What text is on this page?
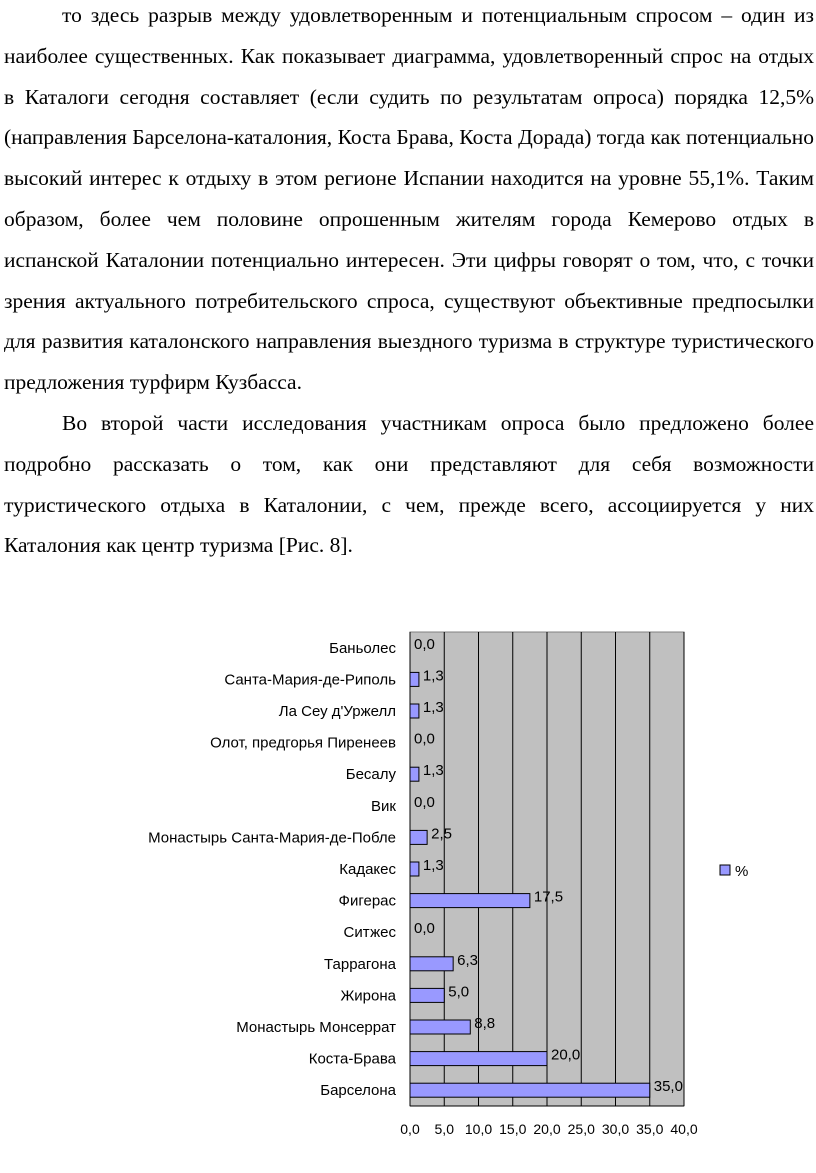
то здесь разрыв между удовлетворенным и потенциальным спросом – один из наиболее существенных. Как показывает диаграмма, удовлетворенный спрос на отдых в Каталоги сегодня составляет (если судить по результатам опроса) порядка 12,5%(направления Барселона-каталония, Коста Брава, Коста Дорада) тогда как потенциально высокий интерес к отдыху в этом регионе Испании находится на уровне 55,1%. Таким образом, более чем половине опрошенным жителям города Кемерово отдых в испанской Каталонии потенциально интересен. Эти цифры говорят о том, что, с точки зрения актуального потребительского спроса, существуют объективные предпосылки для развития каталонского направления выездного туризма в структуре туристического предложения турфирм Кузбасса.

Во второй части исследования участникам опроса было предложено более подробно рассказать о том, как они представляют для себя возможности туристического отдыха в Каталонии, с чем, прежде всего, ассоциируется у них Каталония как центр туризма [Рис. 8].

Баньолес
Санта-Мария-де-Риполь
Ла Сеу д'Уржелл
Олот, предгорья Пиренеев
Бесалу
Вик
Монастырь Санта-Мария-де-Побле
Кадакес
Фигерас
Ситжес
Таррагона
Жирона
Монастырь Монсеррат
Коста-Брава
Барселона
0,0
1,3
1,3
0,0
1,3
0,0
2,5
1,3
17,5
0,0
6,3
5,0
8,8
20,0
35,0
0,0 5,0 10,0 15,0 20,0 25,0 30,0 35,0 40,0
%
